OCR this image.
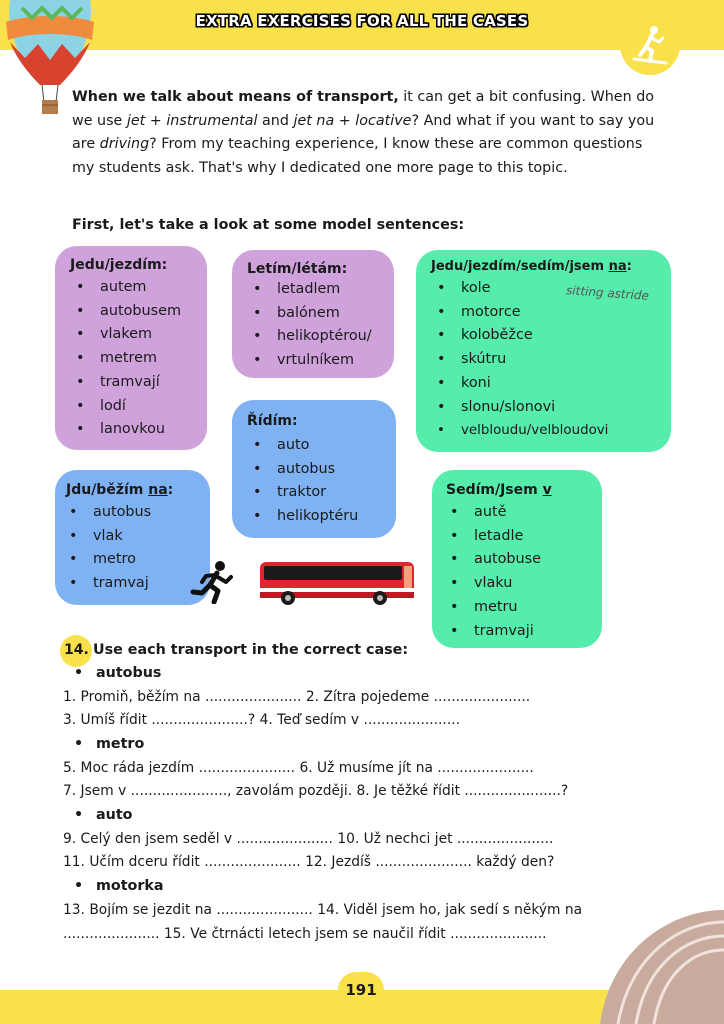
EXTRA EXERCISES FOR ALL THE CASES
When we talk about means of transport, it can get a bit confusing. When do we use jet + instrumental and jet na + locative? And what if you want to say you are driving? From my teaching experience, I know these are common questions my students ask. That's why I dedicated one more page to this topic.
First, let's take a look at some model sentences:
Jedu/jezdím:
• autem
• autobusem
• vlakem
• metrem
• tramvají
• lodí
• lanovkou
Letím/létám:
• letadlem
• balónem
• helikoptérou/
• vrtulníkem
Jedu/jezdím/sedím/jsem na:
sitting astride
• kole
• motorce
• koloběžce
• skútru
• koni
• slonu/slonovi
• velbloudu/velbloudovi
Řídím:
• auto
• autobus
• traktor
• helikoptéru
Jdu/běžím na:
• autobus
• vlak
• metro
• tramvaj
Sedím/Jsem v
• autě
• letadle
• autobuse
• vlaku
• metru
• tramvaji
14. Use each transport in the correct case:
• autobus
1. Promiň, běžím na ...................... 2. Zítra pojedeme ......................
3. Umíš řídit ......................? 4. Teď sedím v ......................
• metro
5. Moc ráda jezdím ...................... 6. Už musíme jít na ......................
7. Jsem v ......................, zavolám později. 8. Je těžké řídit ......................?
• auto
9. Celý den jsem seděl v ...................... 10. Už nechci jet ......................
11. Učím dceru řídit ...................... 12. Jezdíš ...................... každý den?
• motorka
13. Bojím se jezdit na ...................... 14. Viděl jsem ho, jak sedí s někým na
...................... 15. Ve čtrnácti letech jsem se naučil řídit ......................
191
